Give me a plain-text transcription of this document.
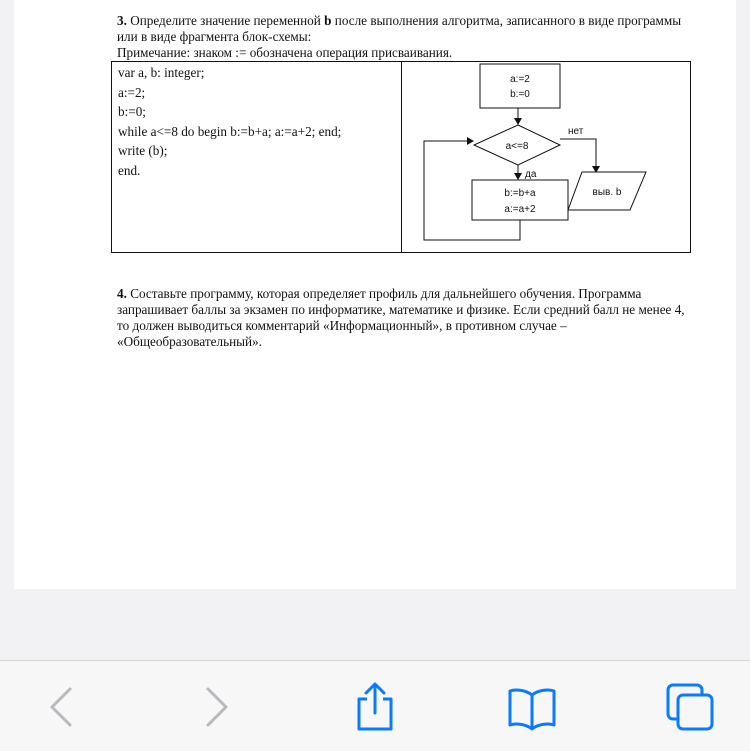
3. Определите значение переменной b после выполнения алгоритма, записанного в виде программы или в виде фрагмента блок-схемы:

Примечание: знаком := обозначена операция присваивания.

var a, b: integer;
a:=2;
b:=0;
while a<=8 do begin b:=b+a; a:=a+2; end;
write (b);
end.
a:=2
b:=0
a<=8
нет
да
b:=b+a
a:=a+2
выв. b

4. Составьте программу, которая определяет профиль для дальнейшего обучения. Программа запрашивает баллы за экзамен по информатике, математике и физике. Если средний балл не менее 4, то должен выводиться комментарий «Информационный», в противном случае – «Общеобразовательный».
